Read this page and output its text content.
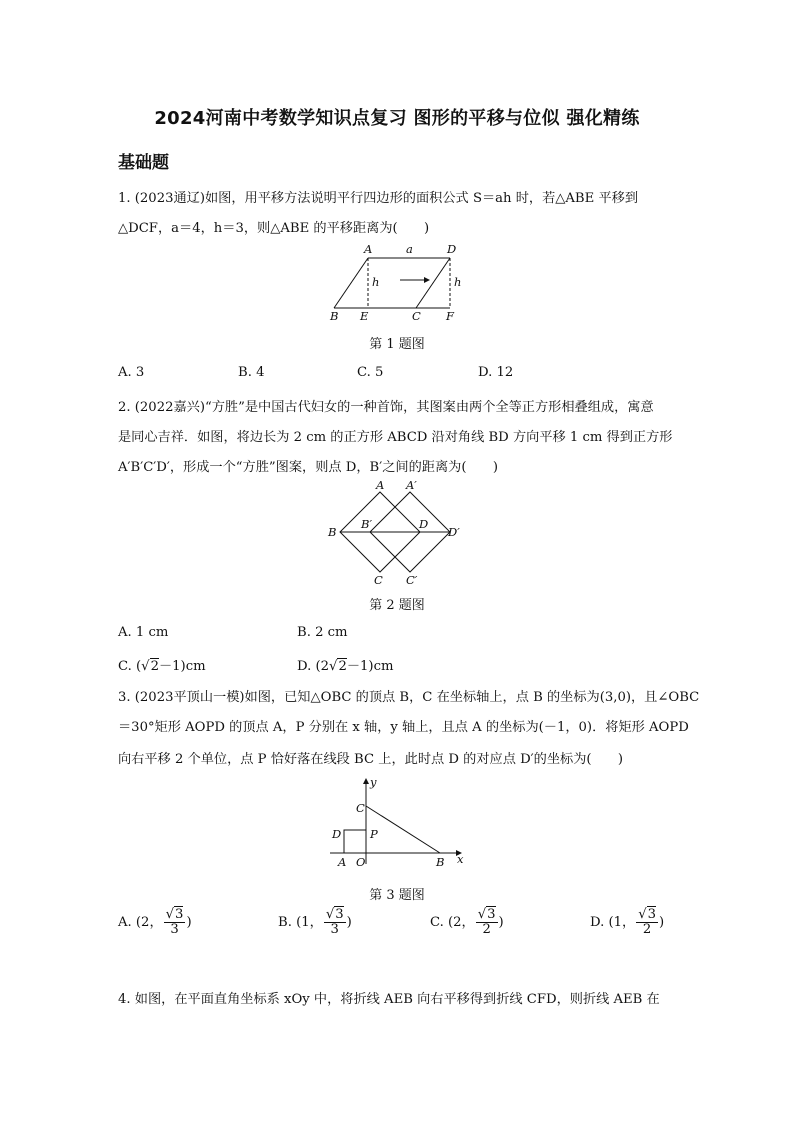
2024河南中考数学知识点复习 图形的平移与位似 强化精练
基础题
1. (2023通辽)如图，用平移方法说明平行四边形的面积公式 S＝ah 时，若△ABE 平移到
△DCF，a＝4，h＝3，则△ABE 的平移距离为(　　)
A	a	D
h	h
B E	C F
第 1 题图
A. 3	B. 4	C. 5	D. 12
2. (2022嘉兴)“方胜”是中国古代妇女的一种首饰，其图案由两个全等正方形相叠组成，寓意
是同心吉祥．如图，将边长为 2 cm 的正方形 ABCD 沿对角线 BD 方向平移 1 cm 得到正方形
A′B′C′D′，形成一个“方胜”图案，则点 D，B′之间的距离为(　　)
A A′
B
B′	D
D′
C C′
第 2 题图
A. 1 cm	B. 2 cm
C. (√2－1)cm	D. (2√2－1)cm
3. (2023平顶山一模)如图，已知△OBC 的顶点 B，C 在坐标轴上，点 B 的坐标为(3,0)，且∠OBC
＝30°矩形 AOPD 的顶点 A，P 分别在 x 轴，y 轴上，且点 A 的坐标为(－1，0)．将矩形 AOPD
向右平移 2 个单位，点 P 恰好落在线段 BC 上，此时点 D 的对应点 D′的坐标为(　　)
y
x
C
D	P
A O	B
第 3 题图
A. (2， $\frac{√3}{3}$ )	B. (1， $\frac{√3}{3}$ )	C. (2， $\frac{√3}{2}$ )	D. (1， $\frac{√3}{2}$ )
4. 如图，在平面直角坐标系 xOy 中，将折线 AEB 向右平移得到折线 CFD，则折线 AEB 在
